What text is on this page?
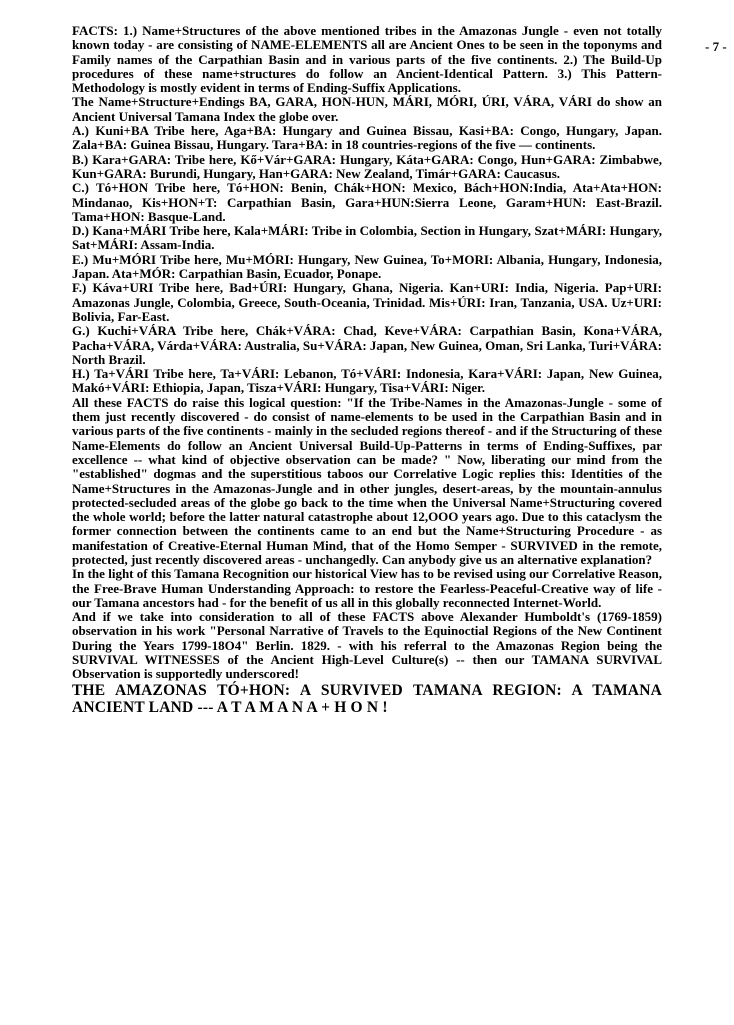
- 7 -

FACTS: 1.) Name+Structures of the above mentioned tribes in the Amazonas Jungle - even not totally known today - are consisting of NAME-ELEMENTS all are Ancient Ones to be seen in the toponyms and Family names of the Carpathian Basin and in various parts of the five continents. 2.) The Build-Up procedures of these name+structures do follow an Ancient-Identical Pattern. 3.) This Pattern-Methodology is mostly evident in terms of Ending-Suffix Applications.

The Name+Structure+Endings BA, GARA, HON-HUN, MÁRI, MÓRI, ÚRI, VÁRA, VÁRI do show an Ancient Universal Tamana Index the globe over.

A.) Kuni+BA Tribe here, Aga+BA: Hungary and Guinea Bissau, Kasi+BA: Congo, Hungary, Japan. Zala+BA: Guinea Bissau, Hungary. Tara+BA: in 18 countries-regions of the five — continents.

B.) Kara+GARA: Tribe here, Kő+Vár+GARA: Hungary, Káta+GARA: Congo, Hun+GARA: Zimbabwe, Kun+GARA: Burundi, Hungary, Han+GARA: New Zealand, Timár+GARA: Caucasus.

C.) Tó+HON Tribe here, Tó+HON: Benin, Chák+HON: Mexico, Bách+HON:India, Ata+Ata+HON: Mindanao, Kis+HON+T: Carpathian Basin, Gara+HUN:Sierra Leone, Garam+HUN: East-Brazil. Tama+HON: Basque-Land.

D.) Kana+MÁRI Tribe here, Kala+MÁRI: Tribe in Colombia, Section in Hungary, Szat+MÁRI: Hungary, Sat+MÁRI: Assam-India.

E.) Mu+MÓRI Tribe here, Mu+MÓRI: Hungary, New Guinea, To+MORI: Albania, Hungary, Indonesia, Japan. Ata+MÓR: Carpathian Basin, Ecuador, Ponape.

F.) Káva+URI Tribe here, Bad+ÚRI: Hungary, Ghana, Nigeria. Kan+URI: India, Nigeria. Pap+URI: Amazonas Jungle, Colombia, Greece, South-Oceania, Trinidad. Mis+ÚRI: Iran, Tanzania, USA. Uz+URI: Bolivia, Far-East.

G.) Kuchi+VÁRA Tribe here, Chák+VÁRA: Chad, Keve+VÁRA: Carpathian Basin, Kona+VÁRA, Pacha+VÁRA, Várda+VÁRA: Australia, Su+VÁRA: Japan, New Guinea, Oman, Sri Lanka, Turi+VÁRA: North Brazil.

H.) Ta+VÁRI Tribe here, Ta+VÁRI: Lebanon, Tó+VÁRI: Indonesia, Kara+VÁRI: Japan, New Guinea, Makó+VÁRI: Ethiopia, Japan, Tisza+VÁRI: Hungary, Tisa+VÁRI: Niger.

All these FACTS do raise this logical question: "If the Tribe-Names in the Amazonas-Jungle - some of them just recently discovered - do consist of name-elements to be used in the Carpathian Basin and in various parts of the five continents - mainly in the secluded regions thereof - and if the Structuring of these Name-Elements do follow an Ancient Universal Build-Up-Patterns in terms of Ending-Suffixes, par excellence -- what kind of objective observation can be made? " Now, liberating our mind from the "established" dogmas and the superstitious taboos our Correlative Logic replies this: Identities of the Name+Structures in the Amazonas-Jungle and in other jungles, desert-areas, by the mountain-annulus protected-secluded areas of the globe go back to the time when the Universal Name+Structuring covered the whole world; before the latter natural catastrophe about 12,OOO years ago. Due to this cataclysm the former connection between the continents came to an end but the Name+Structuring Procedure - as manifestation of Creative-Eternal Human Mind, that of the Homo Semper - SURVIVED in the remote, protected, just recently discovered areas - unchangedly. Can anybody give us an alternative explanation?

In the light of this Tamana Recognition our historical View has to be revised using our Correlative Reason, the Free-Brave Human Understanding Approach: to restore the Fearless-Peaceful-Creative way of life - our Tamana ancestors had - for the benefit of us all in this globally reconnected Internet-World.

And if we take into consideration to all of these FACTS above Alexander Humboldt's (1769-1859) observation in his work "Personal Narrative of Travels to the Equinoctial Regions of the New Continent During the Years 1799-18O4" Berlin. 1829. - with his referral to the Amazonas Region being the SURVIVAL WITNESSES of the Ancient High-Level Culture(s) -- then our TAMANA SURVIVAL Observation is supportedly underscored!

THE AMAZONAS TÓ+HON: A SURVIVED TAMANA REGION: A TAMANA ANCIENT LAND --- A T A M A N A + H O N !
